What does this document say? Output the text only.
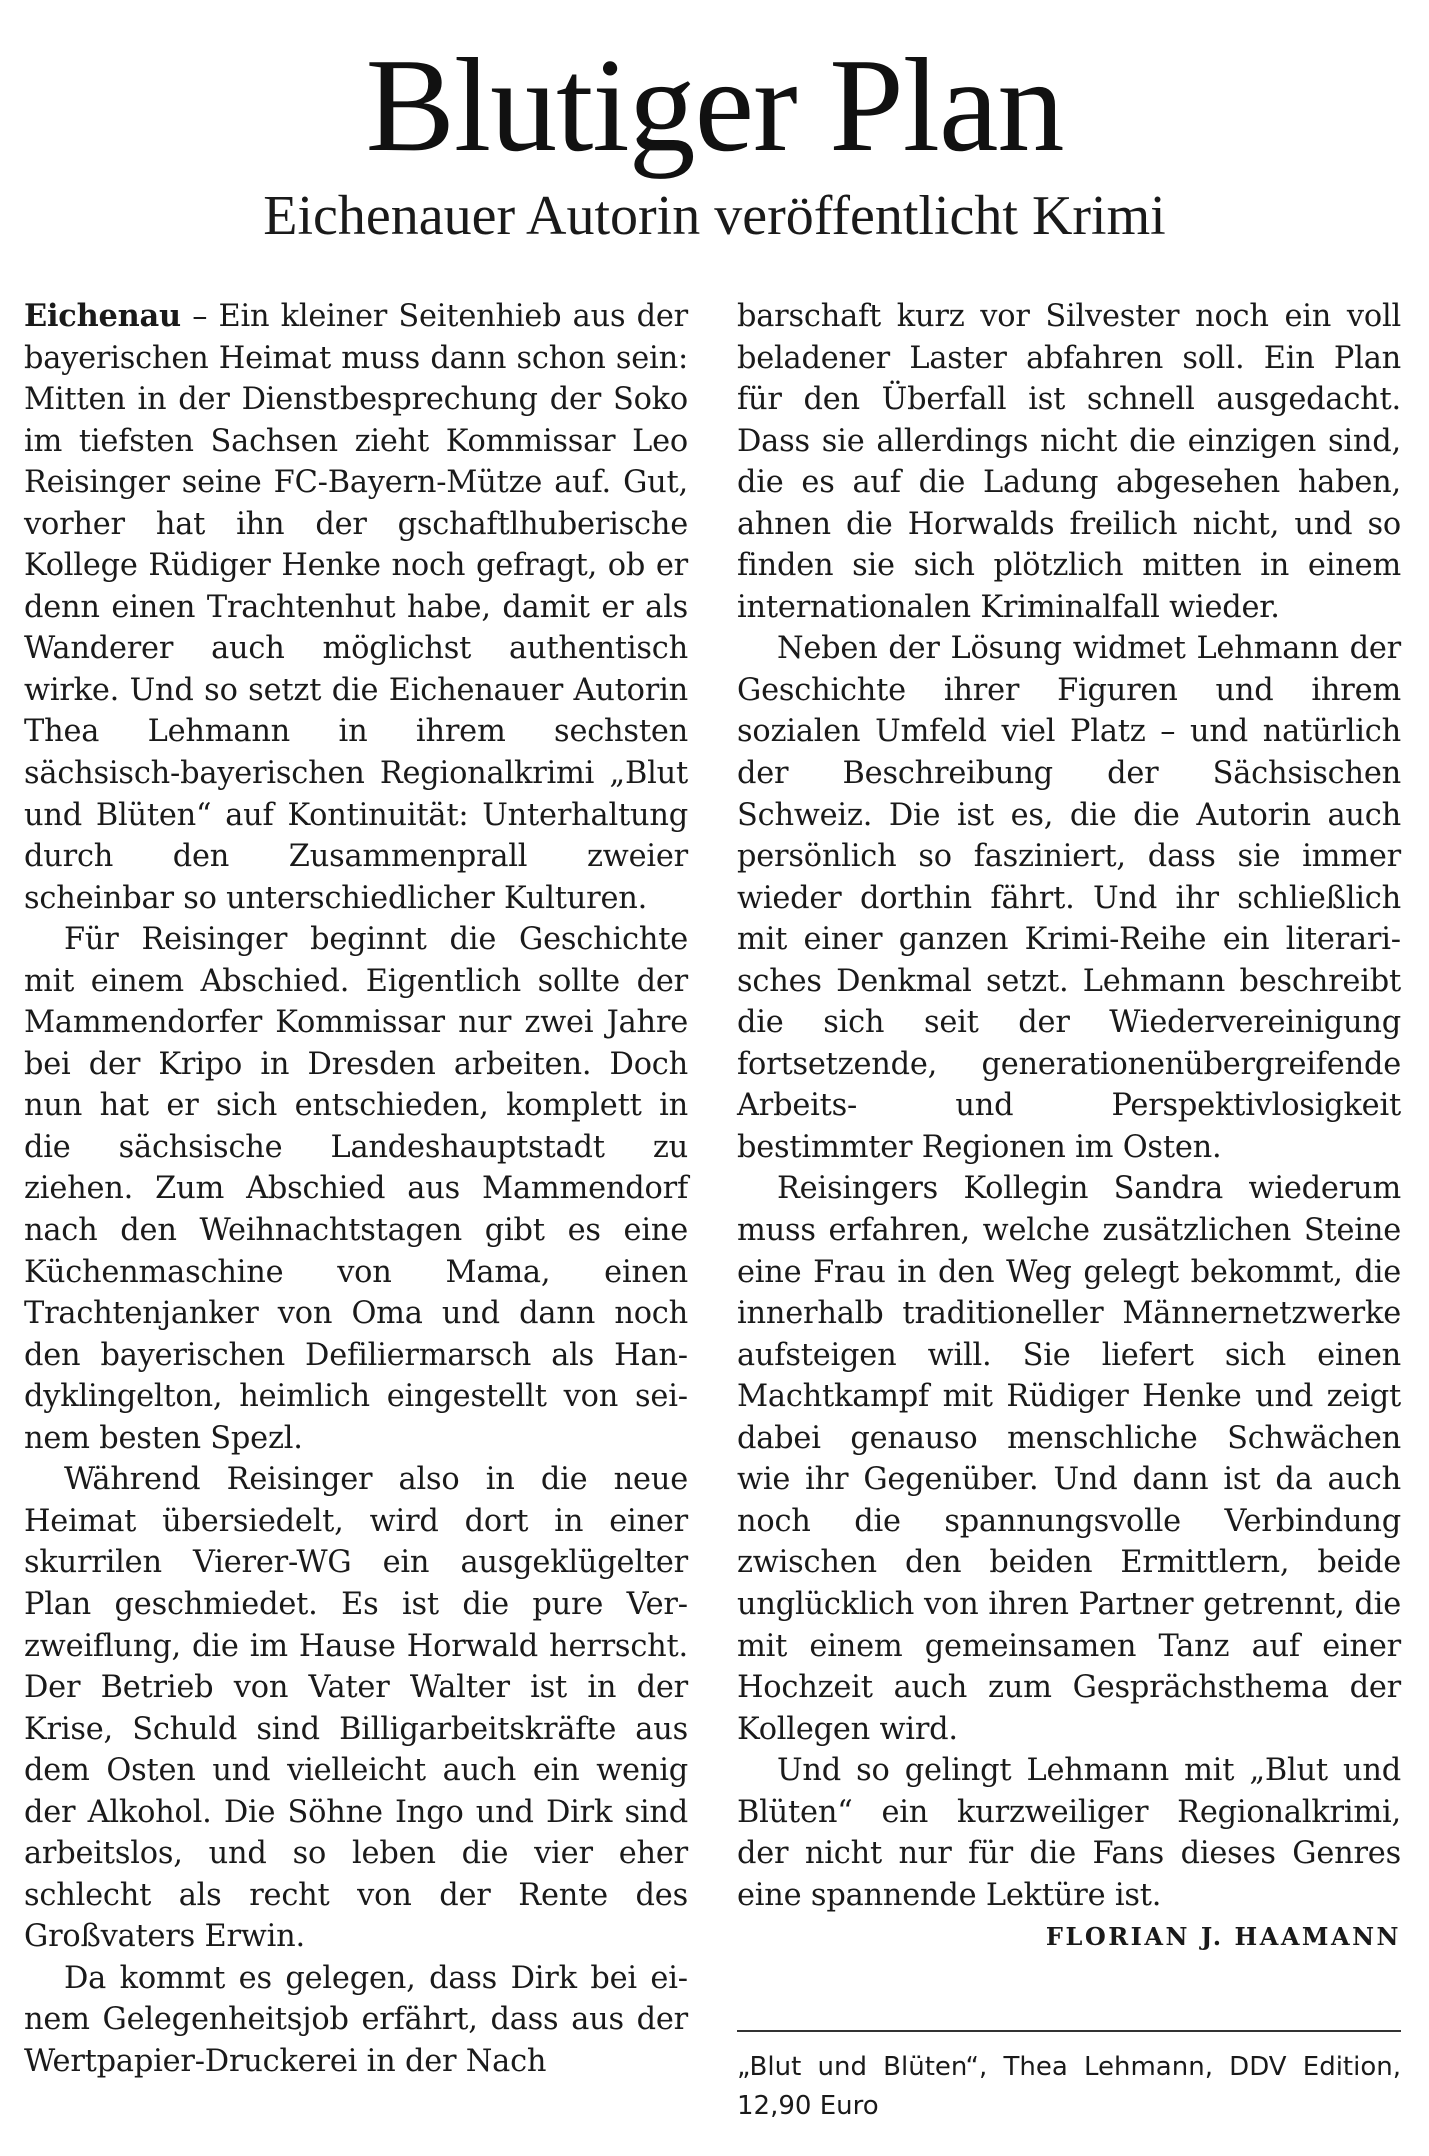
Blutiger Plan
Eichenauer Autorin veröffentlicht Krimi

Eichenau – Ein kleiner Seitenhieb aus der bayerischen Heimat muss dann schon sein: Mitten in der Dienstbesprechung der Soko im tiefsten Sachsen zieht Kommissar Leo Reisinger seine FC-Bayern-Mütze auf. Gut, vorher hat ihn der gschaftlhuberische Kollege Rüdiger Henke noch gefragt, ob er denn einen Trachtenhut habe, damit er als Wanderer auch möglichst authentisch wirke. Und so setzt die Eichenauer Autorin Thea Lehmann in ihrem sechsten sächsisch-bayerischen Regionalkrimi „Blut und Blüten“ auf Kontinuität: Unterhaltung durch den Zusammenprall zweier scheinbar so unterschiedlicher Kulturen.

Für Reisinger beginnt die Geschichte mit einem Abschied. Eigentlich sollte der Mammendorfer Kommissar nur zwei Jahre bei der Kripo in Dresden arbeiten. Doch nun hat er sich entschieden, komplett in die sächsische Landeshauptstadt zu ziehen. Zum Abschied aus Mammendorf nach den Weihnachtstagen gibt es eine Küchenmaschine von Mama, einen Trachtenjanker von Oma und dann noch den bayerischen Defiliermarsch als Handyklingelton, heimlich eingestellt von seinem besten Spezl.

Während Reisinger also in die neue Heimat übersiedelt, wird dort in einer skurrilen Vierer-WG ein ausgeklügelter Plan geschmiedet. Es ist die pure Verzweiflung, die im Hause Horwald herrscht. Der Betrieb von Vater Walter ist in der Krise, Schuld sind Billigarbeitskräfte aus dem Osten und vielleicht auch ein wenig der Alkohol. Die Söhne Ingo und Dirk sind arbeitslos, und so leben die vier eher schlecht als recht von der Rente des Großvaters Erwin.

Da kommt es gelegen, dass Dirk bei einem Gelegenheitsjob erfährt, dass aus der Wertpapier-Druckerei in der Nach

barschaft kurz vor Silvester noch ein voll beladener Laster abfahren soll. Ein Plan für den Überfall ist schnell ausgedacht. Dass sie allerdings nicht die einzigen sind, die es auf die Ladung abgesehen haben, ahnen die Horwalds freilich nicht, und so finden sie sich plötzlich mitten in einem internationalen Kriminalfall wieder.

Neben der Lösung widmet Lehmann der Geschichte ihrer Figuren und ihrem sozialen Umfeld viel Platz – und natürlich der Beschreibung der Sächsischen Schweiz. Die ist es, die die Autorin auch persönlich so fasziniert, dass sie immer wieder dorthin fährt. Und ihr schließlich mit einer ganzen Krimi-Reihe ein literarisches Denkmal setzt. Lehmann beschreibt die sich seit der Wiedervereinigung fortsetzende, generationenübergreifende Arbeits- und Perspektivlosigkeit bestimmter Regionen im Osten.

Reisingers Kollegin Sandra wiederum muss erfahren, welche zusätzlichen Steine eine Frau in den Weg gelegt bekommt, die innerhalb traditioneller Männernetzwerke aufsteigen will. Sie liefert sich einen Machtkampf mit Rüdiger Henke und zeigt dabei genauso menschliche Schwächen wie ihr Gegenüber. Und dann ist da auch noch die spannungsvolle Verbindung zwischen den beiden Ermittlern, beide unglücklich von ihren Partner getrennt, die mit einem gemeinsamen Tanz auf einer Hochzeit auch zum Gesprächsthema der Kollegen wird.

Und so gelingt Lehmann mit „Blut und Blüten“ ein kurzweiliger Regionalkrimi, der nicht nur für die Fans dieses Genres eine spannende Lektüre ist.

FLORIAN J. HAAMANN
„Blut und Blüten“, Thea Lehmann, DDV Edition, 12,90 Euro
